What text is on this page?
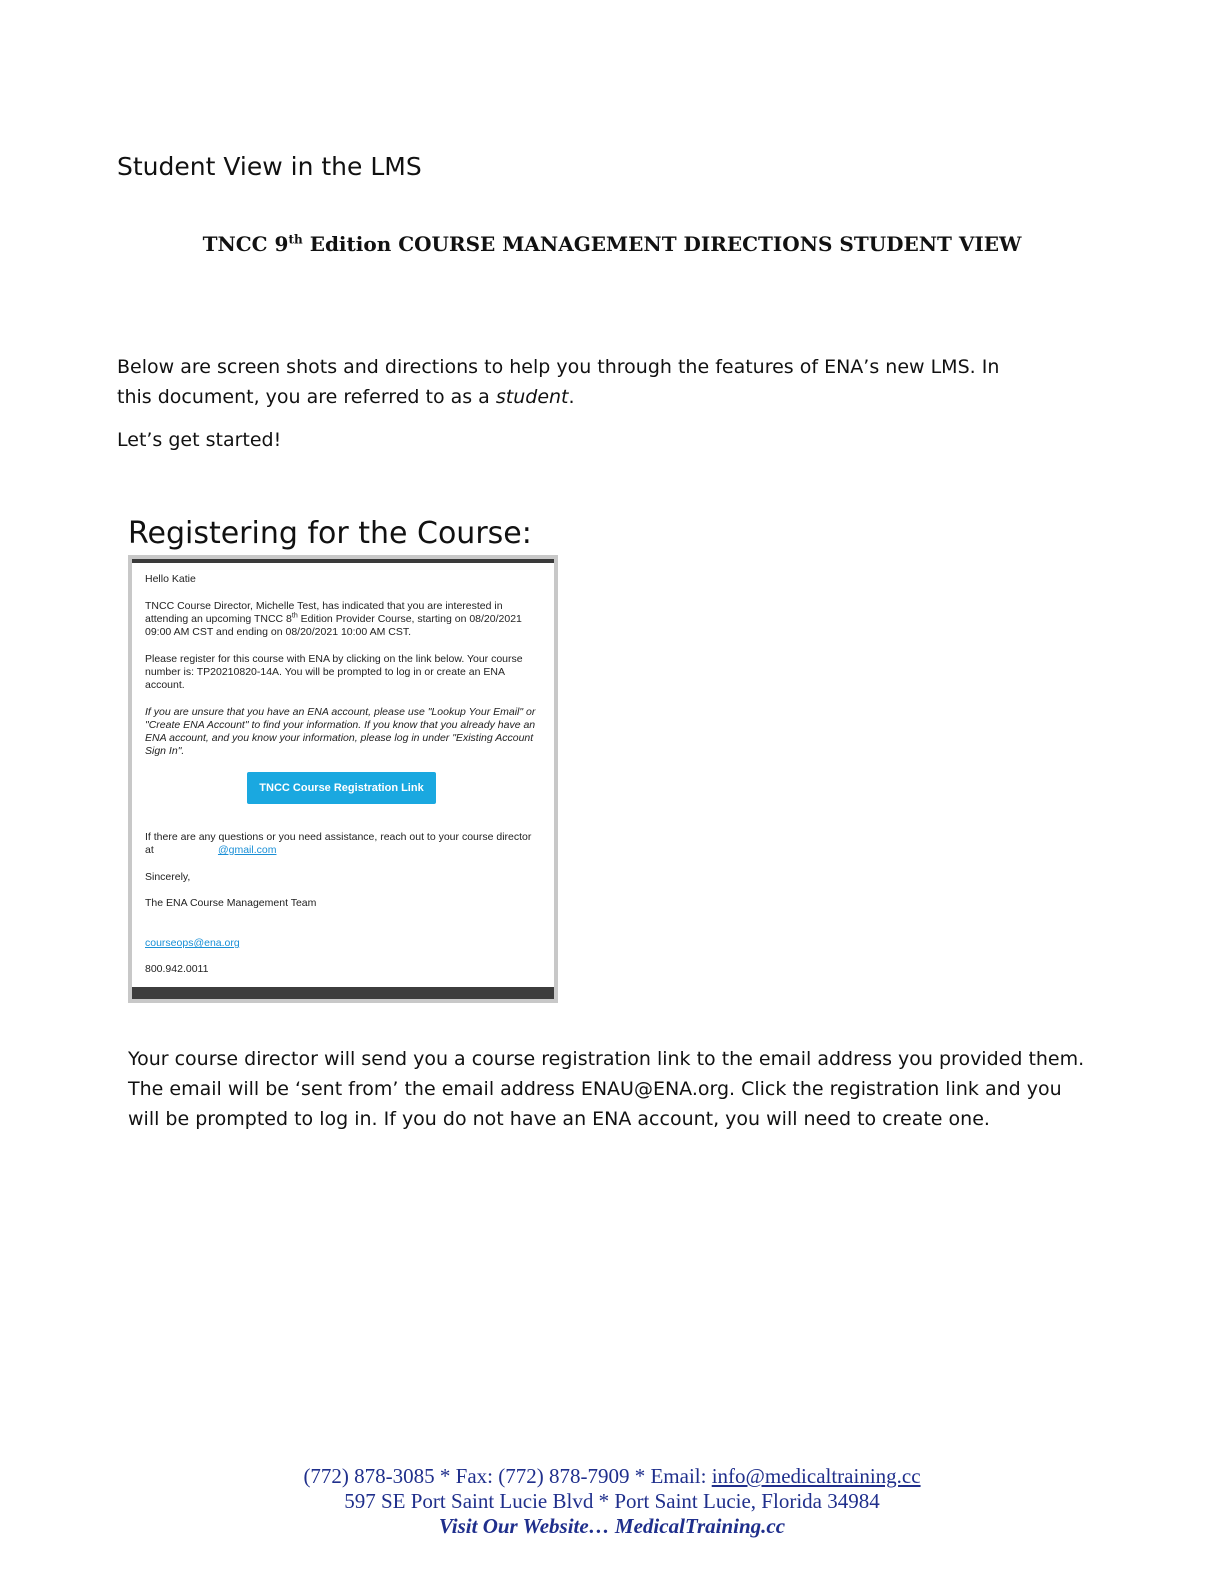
Student View in the LMS
TNCC 9th Edition COURSE MANAGEMENT DIRECTIONS STUDENT VIEW

Below are screen shots and directions to help you through the features of ENA’s new LMS. In this document, you are referred to as a student.

Let’s get started!

Registering for the Course:

Hello Katie

TNCC Course Director, Michelle Test, has indicated that you are interested in attending an upcoming TNCC 8th Edition Provider Course, starting on 08/20/2021 09:00 AM CST and ending on 08/20/2021 10:00 AM CST.

Please register for this course with ENA by clicking on the link below. Your course number is: TP20210820-14A. You will be prompted to log in or create an ENA account.

If you are unsure that you have an ENA account, please use "Lookup Your Email" or "Create ENA Account" to find your information. If you know that you already have an ENA account, and you know your information, please log in under "Existing Account Sign In".

TNCC Course Registration Link

If there are any questions or you need assistance, reach out to your course director at	@gmail.com

Sincerely,

The ENA Course Management Team

courseops@ena.org

800.942.0011

Your course director will send you a course registration link to the email address you provided them. The email will be ‘sent from’ the email address ENAU@ENA.org. Click the registration link and you will be prompted to log in. If you do not have an ENA account, you will need to create one.

(772) 878-3085 * Fax: (772) 878-7909 * Email: info@medicaltraining.cc
597 SE Port Saint Lucie Blvd * Port Saint Lucie, Florida 34984
Visit Our Website… MedicalTraining.cc
